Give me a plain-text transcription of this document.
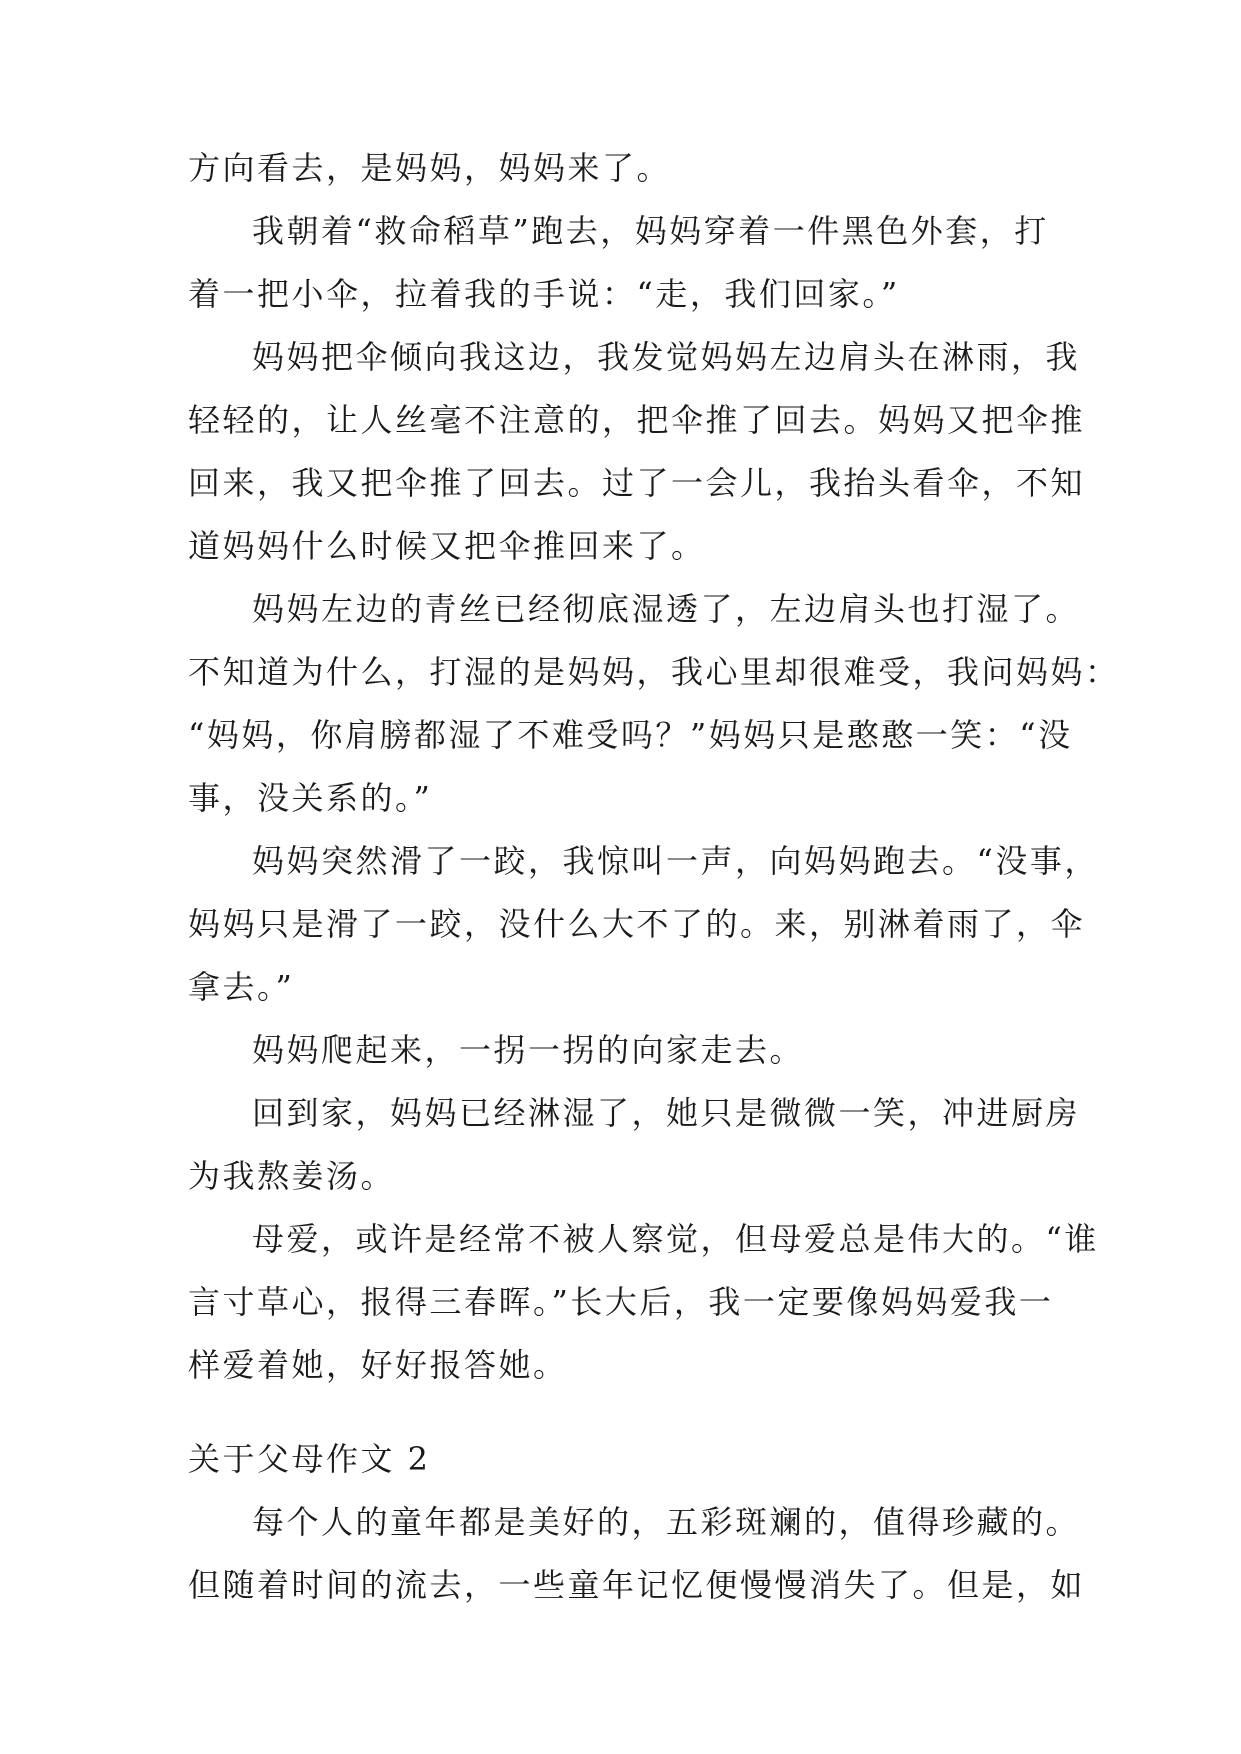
方向看去，是妈妈，妈妈来了。
我朝着“救命稻草”跑去，妈妈穿着一件黑色外套，打
着一把小伞，拉着我的手说：“走，我们回家。”
妈妈把伞倾向我这边，我发觉妈妈左边肩头在淋雨，我
轻轻的，让人丝毫不注意的，把伞推了回去。妈妈又把伞推
回来，我又把伞推了回去。过了一会儿，我抬头看伞，不知
道妈妈什么时候又把伞推回来了。
妈妈左边的青丝已经彻底湿透了，左边肩头也打湿了。
不知道为什么，打湿的是妈妈，我心里却很难受，我问妈妈：
“妈妈，你肩膀都湿了不难受吗？”妈妈只是憨憨一笑：“没
事，没关系的。”
妈妈突然滑了一跤，我惊叫一声，向妈妈跑去。“没事，
妈妈只是滑了一跤，没什么大不了的。来，别淋着雨了，伞
拿去。”
妈妈爬起来，一拐一拐的向家走去。
回到家，妈妈已经淋湿了，她只是微微一笑，冲进厨房
为我熬姜汤。
母爱，或许是经常不被人察觉，但母爱总是伟大的。“谁
言寸草心，报得三春晖。”长大后，我一定要像妈妈爱我一
样爱着她，好好报答她。
关于父母作文 2
每个人的童年都是美好的，五彩斑斓的，值得珍藏的。
但随着时间的流去，一些童年记忆便慢慢消失了。但是，如
